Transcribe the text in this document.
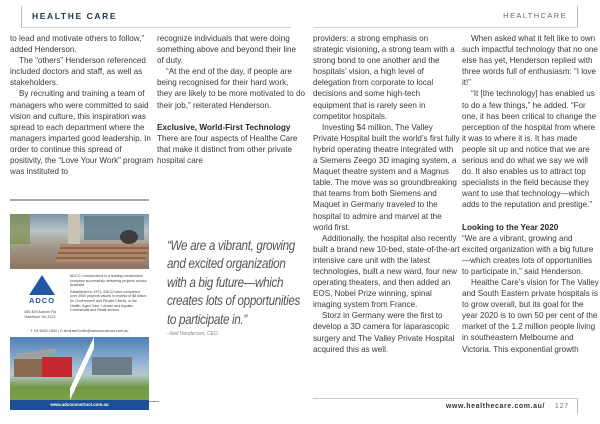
HEALTHE CARE	HEALTHCARE

to lead and motivate others to follow,” added Henderson.

The “others” Henderson referenced included doctors and staff, as well as stakeholders.

By recruiting and training a team of managers who were committed to said vision and culture, this inspiration was spread to each department where the managers imparted good leadership. In order to continue this spread of positivity, the “Love Your Work” program was instituted to

recognize individuals that were doing something above and beyond their line of duty.

“At the end of the day, if people are being recognised for their hard work, they are likely to be more motivated to do their job,” reiterated Henderson.

Exclusive, World-First Technology

There are four aspects of Healthe Care that make it distinct from other private hospital care

providers: a strong emphasis on strategic visioning, a strong team with a strong bond to one another and the hospitals’ vision, a high level of delegation from corporate to local decisions and some high-tech equipment that is rarely seen in competitor hospitals.

Investing $4 million, The Valley Private Hospital built the world’s first fully hybrid operating theatre integrated with a Siemens Zeego 3D imaging system, a Maquet theatre system and a Magnus table. The move was so groundbreaking that teams from both Siemens and Maquet in Germany traveled to the hospital to admire and marvel at the world first.

Additionally, the hospital also recently built a brand new 10-bed, state-of-the-art intensive care unit with the latest technologies, built a new ward, four new operating theaters, and then added an EOS, Nobel Prize winning, spinal imaging system from France.

Storz in Germany were the first to develop a 3D camera for laparascopic surgery and The Valley Private Hospital acquired this as well.

When asked what it felt like to own such impactful technology that no one else has yet, Henderson replied with three words full of enthusiasm: “I love it!”

“It [the technology] has enabled us to do a few things,” he added. “For one, it has been critical to change the perception of the hospital from where it was to where it is. It has made people sit up and notice that we are serious and do what we say we will do. It also enables us to attract top specialists in the field because they want to use that technology—which adds to the reputation and prestige.”

Looking to the Year 2020

“We are a vibrant, growing and excited organization with a big future—which creates lots of opportunities to participate in,” said Henderson.

Healthe Care’s vision for The Valley and South Eastern private hospitals is to grow overall, but its goal for the year 2020 is to own 50 per cent of the market of the 1.2 million people living in southeastern Melbourne and Victoria. This exponential growth

ADCO
455-459 Auburn Rd
Hawthorn Vic 3122

ADCO Constructions is a leading construction company successfully delivering projects across Australia.

Established in 1972, ADCO have completed over 3000 projects valued in excess of $8 billion for Government and Private Clients, in the Health, Aged Care, Leisure and Aquatic, Commercial and Retail sectors.

T 03 9832 1600 | E AndrewCrellin@adcoconstruct.com.au
www.adcoconstruct.com.au
“We are a vibrant, growing and excited organization with a big future—which creates lots of opportunities to participate in.”
–Neil Henderson, CEO
www.healthecare.com.au/ 127
